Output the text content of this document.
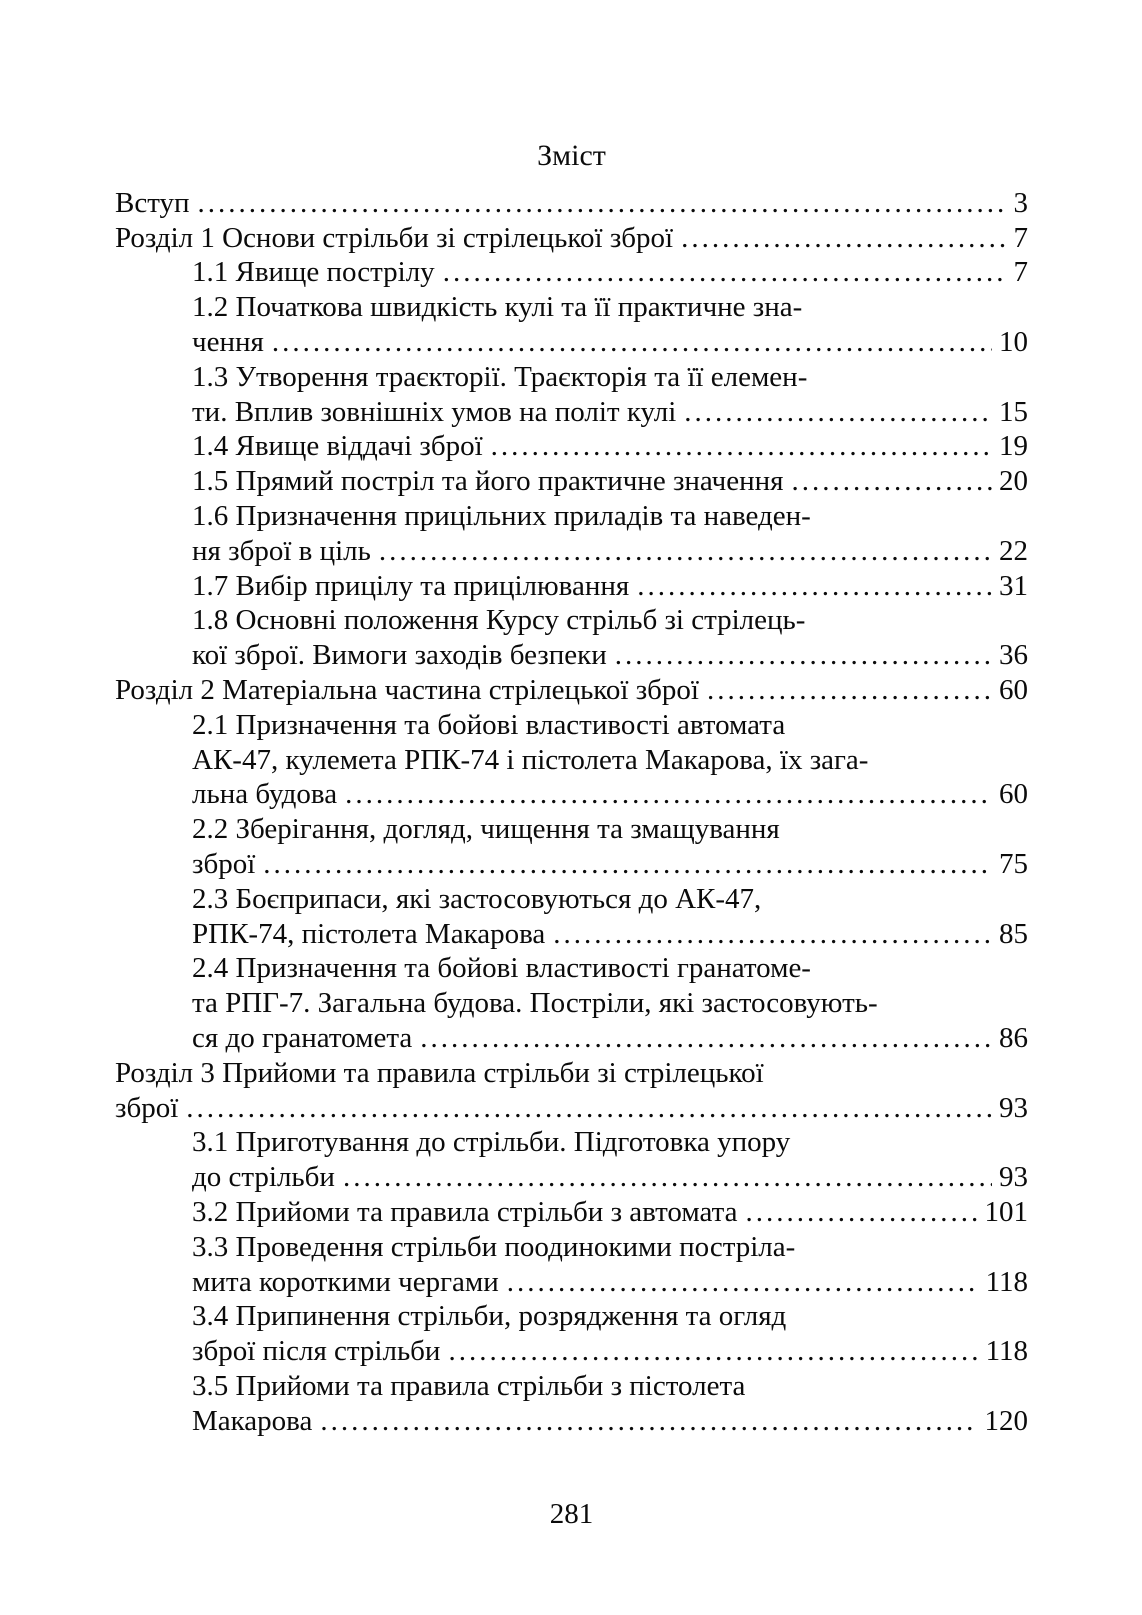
Зміст
Вступ .....	3
Розділ 1 Основи стрільби зі стрілецької зброї .....	7
1.1 Явище пострілу .....	7
1.2 Початкова швидкість кулі та її практичне зна-
чення .....	10
1.3 Утворення траєкторії. Траєкторія та її елемен-
ти. Вплив зовнішніх умов на політ кулі .....	15
1.4 Явище віддачі зброї .....	19
1.5 Прямий постріл та його практичне значення .....	20
1.6 Призначення прицільних приладів та наведен-
ня зброї в ціль .....	22
1.7 Вибір прицілу та прицілювання .....	31
1.8 Основні положення Курсу стрільб зі стрілець-
кої зброї. Вимоги заходів безпеки .....	36
Розділ 2 Матеріальна частина стрілецької зброї .....	60
2.1 Призначення та бойові властивості автомата
АК-47, кулемета РПК-74 і пістолета Макарова, їх зага-
льна будова .....	60
2.2 Зберігання, догляд, чищення та змащування
зброї .....	75
2.3 Боєприпаси, які застосовуються до АК-47,
РПК-74, пістолета Макарова .....	85
2.4 Призначення та бойові властивості гранатоме-
та РПГ-7. Загальна будова. Постріли, які застосовують-
ся до гранатомета .....	86
Розділ 3 Прийоми та правила стрільби зі стрілецької
зброї .....	93
3.1 Приготування до стрільби. Підготовка упору
до стрільби .....	93
3.2 Прийоми та правила стрільби з автомата .....	101
3.3 Проведення стрільби поодинокими постріла-
мита короткими чергами .....	118
3.4 Припинення стрільби, розрядження та огляд
зброї після стрільби .....	118
3.5 Прийоми та правила стрільби з пістолета
Макарова .....	120
281
